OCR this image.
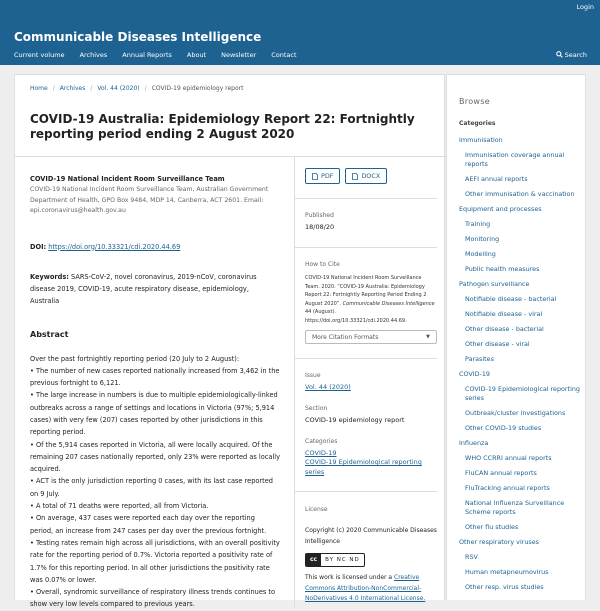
Login
Communicable Diseases Intelligence
Current volume Archives Annual Reports About Newsletter Contact	Search
Home / Archives / Vol. 44 (2020) / COVID-19 epidemiology report
COVID-19 Australia: Epidemiology Report 22: Fortnightly reporting period ending 2 August 2020
COVID-19 National Incident Room Surveillance Team
COVID-19 National Incident Room Surveillance Team, Australian Government Department of Health, GPO Box 9484, MDP 14, Canberra, ACT 2601. Email: epi.coronavirus@health.gov.au
DOI: https://doi.org/10.33321/cdi.2020.44.69
Keywords: SARS-CoV-2, novel coronavirus, 2019-nCoV, coronavirus disease 2019, COVID-19, acute respiratory disease, epidemiology, Australia
Abstract

Over the past fortnightly reporting period (20 July to 2 August):

• The number of new cases reported nationally increased from 3,462 in the previous fortnight to 6,121.

• The large increase in numbers is due to multiple epidemiologically-linked outbreaks across a range of settings and locations in Victoria (97%; 5,914 cases) with very few (207) cases reported by other jurisdictions in this reporting period.

• Of the 5,914 cases reported in Victoria, all were locally acquired. Of the remaining 207 cases nationally reported, only 23% were reported as locally acquired.

• ACT is the only jurisdiction reporting 0 cases, with its last case reported on 9 July.

• A total of 71 deaths were reported, all from Victoria.

• On average, 437 cases were reported each day over the reporting period, an increase from 247 cases per day over the previous fortnight.

• Testing rates remain high across all jurisdictions, with an overall positivity rate for the reporting period of 0.7%. Victoria reported a positivity rate of 1.7% for this reporting period. In all other jurisdictions the positivity rate was 0.07% or lower.

• Overall, syndromic surveillance of respiratory illness trends continues to show very low levels compared to previous years.

PDF	DOCX
Published
18/08/20
How to Cite
COVID-19 National Incident Room Surveillance Team. 2020. “COVID-19 Australia: Epidemiology Report 22: Fortnightly Reporting Period Ending 2 August 2020”. Communicable Diseases Intelligence 44 (August). https://doi.org/10.33321/cdi.2020.44.69.
More Citation Formats	▼
Issue
Vol. 44 (2020)
Section
COVID-19 epidemiology report
Categories
COVID-19
COVID-19 Epidemiological reporting series
License
Copyright (c) 2020 Communicable Diseases Intelligence
cc	BY NC ND
This work is licensed under a Creative Commons Attribution-NonCommercial-NoDerivatives 4.0 International License.
Browse
Categories
Immunisation
Immunisation coverage annual reports
AEFI annual reports
Other immunisation & vaccination
Equipment and processes
Training
Monitoring
Modelling
Public health measures
Pathogen surveillance
Notifiable disease - bacterial
Notifiable disease - viral
Other disease - bacterial
Other disease - viral
Parasites
COVID-19
COVID-19 Epidemiological reporting series
Outbreak/cluster investigations
Other COVID-19 studies
Influenza
WHO CCRRI annual reports
FluCAN annual reports
FluTracking annual reports
National Influenza Surveillance Scheme reports
Other flu studies
Other respiratory viruses
RSV
Human metapneumovirus
Other resp. virus studies
